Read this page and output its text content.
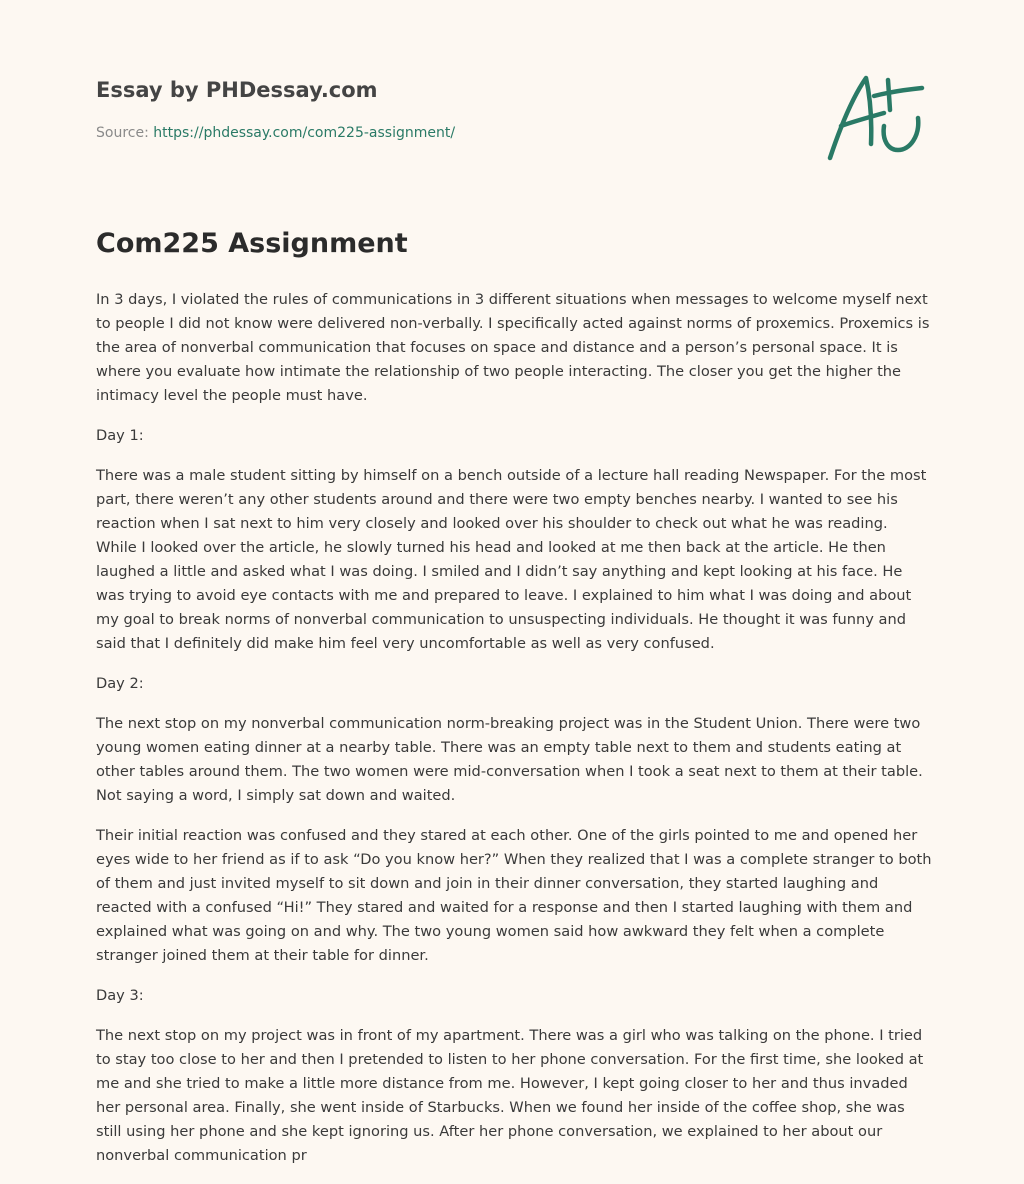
Essay by PHDessay.com
Source: https://phdessay.com/com225-assignment/
Com225 Assignment

In 3 days, I violated the rules of communications in 3 different situations when messages to welcome myself next to people I did not know were delivered non-verbally. I specifically acted against norms of proxemics. Proxemics is the area of nonverbal communication that focuses on space and distance and a person’s personal space. It is where you evaluate how intimate the relationship of two people interacting. The closer you get the higher the intimacy level the people must have.

Day 1:

There was a male student sitting by himself on a bench outside of a lecture hall reading Newspaper. For the most part, there weren’t any other students around and there were two empty benches nearby. I wanted to see his reaction when I sat next to him very closely and looked over his shoulder to check out what he was reading. While I looked over the article, he slowly turned his head and looked at me then back at the article. He then laughed a little and asked what I was doing. I smiled and I didn’t say anything and kept looking at his face. He was trying to avoid eye contacts with me and prepared to leave. I explained to him what I was doing and about my goal to break norms of nonverbal communication to unsuspecting individuals. He thought it was funny and said that I definitely did make him feel very uncomfortable as well as very confused.

Day 2:

The next stop on my nonverbal communication norm-breaking project was in the Student Union. There were two young women eating dinner at a nearby table. There was an empty table next to them and students eating at other tables around them. The two women were mid-conversation when I took a seat next to them at their table. Not saying a word, I simply sat down and waited.

Their initial reaction was confused and they stared at each other. One of the girls pointed to me and opened her eyes wide to her friend as if to ask “Do you know her?” When they realized that I was a complete stranger to both of them and just invited myself to sit down and join in their dinner conversation, they started laughing and reacted with a confused “Hi!” They stared and waited for a response and then I started laughing with them and explained what was going on and why. The two young women said how awkward they felt when a complete stranger joined them at their table for dinner.

Day 3:

The next stop on my project was in front of my apartment. There was a girl who was talking on the phone. I tried to stay too close to her and then I pretended to listen to her phone conversation. For the first time, she looked at me and she tried to make a little more distance from me. However, I kept going closer to her and thus invaded her personal area. Finally, she went inside of Starbucks. When we found her inside of the coffee shop, she was still using her phone and she kept ignoring us. After her phone conversation, we explained to her about our nonverbal communication pr
